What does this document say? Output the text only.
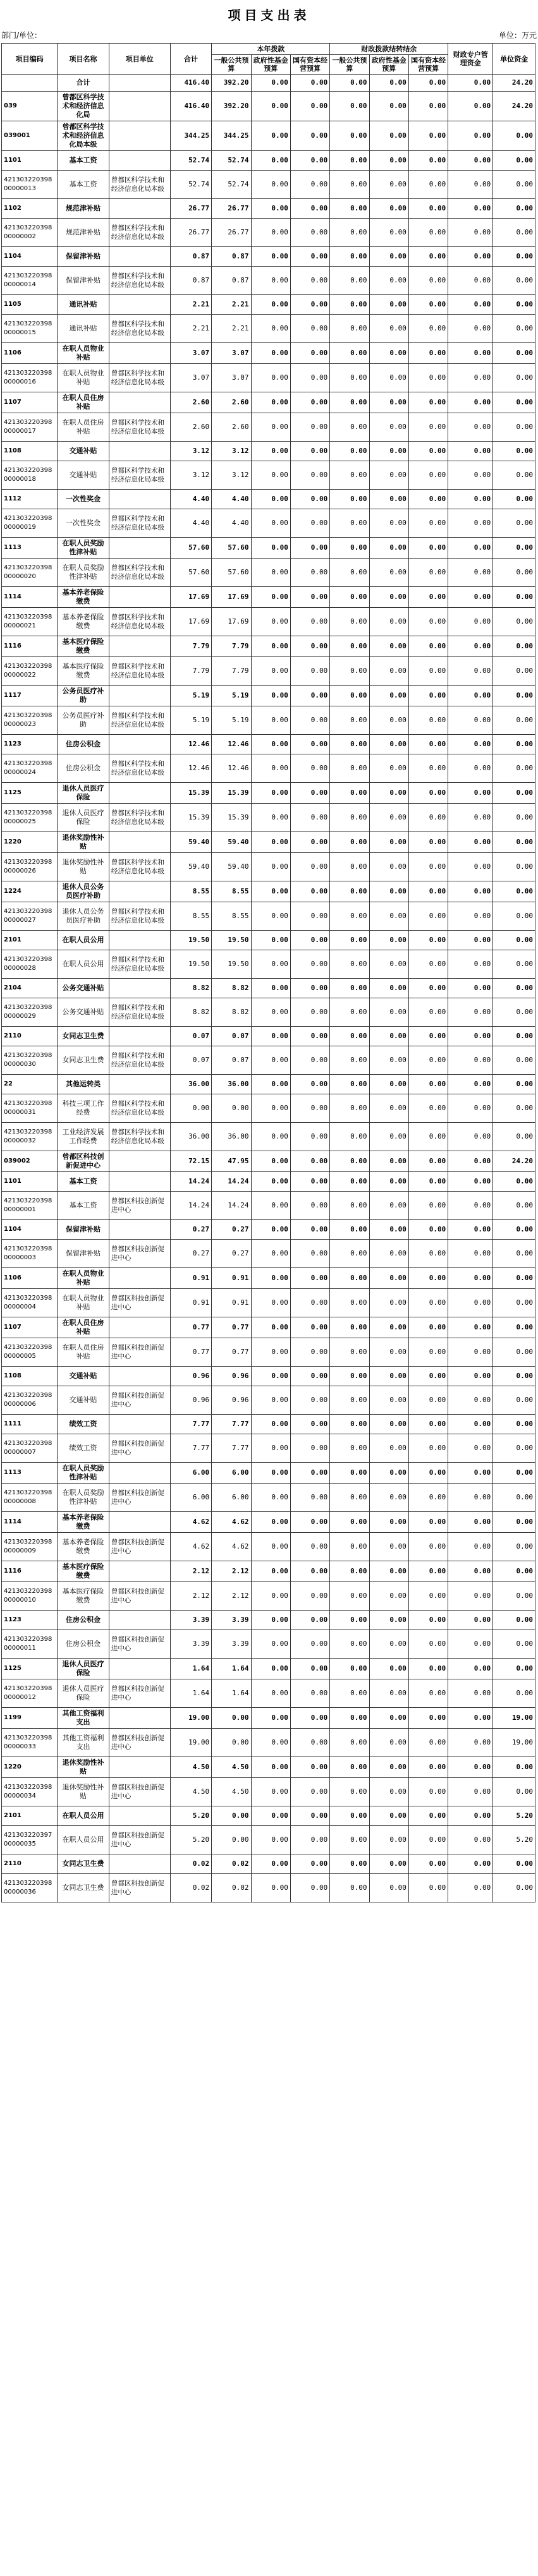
项目支出表
部门/单位：	单位：万元
项目编码	项目名称	项目单位	合计	本年拨款			财政拨款结转结余			财政专户管理资金	单位资金
				一般公共预算	政府性基金预算	国有资本经营预算	一般公共预算	政府性基金预算	国有资本经营预算		
	合计		416.40	392.20	0.00	0.00	0.00	0.00	0.00	0.00	24.20
039	曾都区科学技术和经济信息化局		416.40	392.20	0.00	0.00	0.00	0.00	0.00	0.00	24.20
039001	曾都区科学技术和经济信息化局本级		344.25	344.25	0.00	0.00	0.00	0.00	0.00	0.00	0.00
1101	基本工资		52.74	52.74	0.00	0.00	0.00	0.00	0.00	0.00	0.00
42130322039800000013	基本工资	曾都区科学技术和经济信息化局本级	52.74	52.74	0.00	0.00	0.00	0.00	0.00	0.00	0.00
1102	规范津补贴		26.77	26.77	0.00	0.00	0.00	0.00	0.00	0.00	0.00
42130322039800000002	规范津补贴	曾都区科学技术和经济信息化局本级	26.77	26.77	0.00	0.00	0.00	0.00	0.00	0.00	0.00
1104	保留津补贴		0.87	0.87	0.00	0.00	0.00	0.00	0.00	0.00	0.00
42130322039800000014	保留津补贴	曾都区科学技术和经济信息化局本级	0.87	0.87	0.00	0.00	0.00	0.00	0.00	0.00	0.00
1105	通讯补贴		2.21	2.21	0.00	0.00	0.00	0.00	0.00	0.00	0.00
42130322039800000015	通讯补贴	曾都区科学技术和经济信息化局本级	2.21	2.21	0.00	0.00	0.00	0.00	0.00	0.00	0.00
1106	在职人员物业补贴		3.07	3.07	0.00	0.00	0.00	0.00	0.00	0.00	0.00
42130322039800000016	在职人员物业补贴	曾都区科学技术和经济信息化局本级	3.07	3.07	0.00	0.00	0.00	0.00	0.00	0.00	0.00
1107	在职人员住房补贴		2.60	2.60	0.00	0.00	0.00	0.00	0.00	0.00	0.00
42130322039800000017	在职人员住房补贴	曾都区科学技术和经济信息化局本级	2.60	2.60	0.00	0.00	0.00	0.00	0.00	0.00	0.00
1108	交通补贴		3.12	3.12	0.00	0.00	0.00	0.00	0.00	0.00	0.00
42130322039800000018	交通补贴	曾都区科学技术和经济信息化局本级	3.12	3.12	0.00	0.00	0.00	0.00	0.00	0.00	0.00
1112	一次性奖金		4.40	4.40	0.00	0.00	0.00	0.00	0.00	0.00	0.00
42130322039800000019	一次性奖金	曾都区科学技术和经济信息化局本级	4.40	4.40	0.00	0.00	0.00	0.00	0.00	0.00	0.00
1113	在职人员奖励性津补贴		57.60	57.60	0.00	0.00	0.00	0.00	0.00	0.00	0.00
42130322039800000020	在职人员奖励性津补贴	曾都区科学技术和经济信息化局本级	57.60	57.60	0.00	0.00	0.00	0.00	0.00	0.00	0.00
1114	基本养老保险缴费		17.69	17.69	0.00	0.00	0.00	0.00	0.00	0.00	0.00
42130322039800000021	基本养老保险缴费	曾都区科学技术和经济信息化局本级	17.69	17.69	0.00	0.00	0.00	0.00	0.00	0.00	0.00
1116	基本医疗保险缴费		7.79	7.79	0.00	0.00	0.00	0.00	0.00	0.00	0.00
42130322039800000022	基本医疗保险缴费	曾都区科学技术和经济信息化局本级	7.79	7.79	0.00	0.00	0.00	0.00	0.00	0.00	0.00
1117	公务员医疗补助		5.19	5.19	0.00	0.00	0.00	0.00	0.00	0.00	0.00
42130322039800000023	公务员医疗补助	曾都区科学技术和经济信息化局本级	5.19	5.19	0.00	0.00	0.00	0.00	0.00	0.00	0.00
1123	住房公积金		12.46	12.46	0.00	0.00	0.00	0.00	0.00	0.00	0.00
42130322039800000024	住房公积金	曾都区科学技术和经济信息化局本级	12.46	12.46	0.00	0.00	0.00	0.00	0.00	0.00	0.00
1125	退休人员医疗保险		15.39	15.39	0.00	0.00	0.00	0.00	0.00	0.00	0.00
42130322039800000025	退休人员医疗保险	曾都区科学技术和经济信息化局本级	15.39	15.39	0.00	0.00	0.00	0.00	0.00	0.00	0.00
1220	退休奖励性补贴		59.40	59.40	0.00	0.00	0.00	0.00	0.00	0.00	0.00
42130322039800000026	退休奖励性补贴	曾都区科学技术和经济信息化局本级	59.40	59.40	0.00	0.00	0.00	0.00	0.00	0.00	0.00
1224	退休人员公务员医疗补助		8.55	8.55	0.00	0.00	0.00	0.00	0.00	0.00	0.00
42130322039800000027	退休人员公务员医疗补助	曾都区科学技术和经济信息化局本级	8.55	8.55	0.00	0.00	0.00	0.00	0.00	0.00	0.00
2101	在职人员公用		19.50	19.50	0.00	0.00	0.00	0.00	0.00	0.00	0.00
42130322039800000028	在职人员公用	曾都区科学技术和经济信息化局本级	19.50	19.50	0.00	0.00	0.00	0.00	0.00	0.00	0.00
2104	公务交通补贴		8.82	8.82	0.00	0.00	0.00	0.00	0.00	0.00	0.00
42130322039800000029	公务交通补贴	曾都区科学技术和经济信息化局本级	8.82	8.82	0.00	0.00	0.00	0.00	0.00	0.00	0.00
2110	女同志卫生费		0.07	0.07	0.00	0.00	0.00	0.00	0.00	0.00	0.00
42130322039800000030	女同志卫生费	曾都区科学技术和经济信息化局本级	0.07	0.07	0.00	0.00	0.00	0.00	0.00	0.00	0.00
22	其他运转类		36.00	36.00	0.00	0.00	0.00	0.00	0.00	0.00	0.00
42130322039800000031	科技三项工作经费	曾都区科学技术和经济信息化局本级	0.00	0.00	0.00	0.00	0.00	0.00	0.00	0.00	0.00
42130322039800000032	工业经济发展工作经费	曾都区科学技术和经济信息化局本级	36.00	36.00	0.00	0.00	0.00	0.00	0.00	0.00	0.00
039002	曾都区科技创新促进中心		72.15	47.95	0.00	0.00	0.00	0.00	0.00	0.00	24.20
1101	基本工资		14.24	14.24	0.00	0.00	0.00	0.00	0.00	0.00	0.00
42130322039800000001	基本工资	曾都区科技创新促进中心	14.24	14.24	0.00	0.00	0.00	0.00	0.00	0.00	0.00
1104	保留津补贴		0.27	0.27	0.00	0.00	0.00	0.00	0.00	0.00	0.00
42130322039800000003	保留津补贴	曾都区科技创新促进中心	0.27	0.27	0.00	0.00	0.00	0.00	0.00	0.00	0.00
1106	在职人员物业补贴		0.91	0.91	0.00	0.00	0.00	0.00	0.00	0.00	0.00
42130322039800000004	在职人员物业补贴	曾都区科技创新促进中心	0.91	0.91	0.00	0.00	0.00	0.00	0.00	0.00	0.00
1107	在职人员住房补贴		0.77	0.77	0.00	0.00	0.00	0.00	0.00	0.00	0.00
42130322039800000005	在职人员住房补贴	曾都区科技创新促进中心	0.77	0.77	0.00	0.00	0.00	0.00	0.00	0.00	0.00
1108	交通补贴		0.96	0.96	0.00	0.00	0.00	0.00	0.00	0.00	0.00
42130322039800000006	交通补贴	曾都区科技创新促进中心	0.96	0.96	0.00	0.00	0.00	0.00	0.00	0.00	0.00
1111	绩效工资		7.77	7.77	0.00	0.00	0.00	0.00	0.00	0.00	0.00
42130322039800000007	绩效工资	曾都区科技创新促进中心	7.77	7.77	0.00	0.00	0.00	0.00	0.00	0.00	0.00
1113	在职人员奖励性津补贴		6.00	6.00	0.00	0.00	0.00	0.00	0.00	0.00	0.00
42130322039800000008	在职人员奖励性津补贴	曾都区科技创新促进中心	6.00	6.00	0.00	0.00	0.00	0.00	0.00	0.00	0.00
1114	基本养老保险缴费		4.62	4.62	0.00	0.00	0.00	0.00	0.00	0.00	0.00
42130322039800000009	基本养老保险缴费	曾都区科技创新促进中心	4.62	4.62	0.00	0.00	0.00	0.00	0.00	0.00	0.00
1116	基本医疗保险缴费		2.12	2.12	0.00	0.00	0.00	0.00	0.00	0.00	0.00
42130322039800000010	基本医疗保险缴费	曾都区科技创新促进中心	2.12	2.12	0.00	0.00	0.00	0.00	0.00	0.00	0.00
1123	住房公积金		3.39	3.39	0.00	0.00	0.00	0.00	0.00	0.00	0.00
42130322039800000011	住房公积金	曾都区科技创新促进中心	3.39	3.39	0.00	0.00	0.00	0.00	0.00	0.00	0.00
1125	退休人员医疗保险		1.64	1.64	0.00	0.00	0.00	0.00	0.00	0.00	0.00
42130322039800000012	退休人员医疗保险	曾都区科技创新促进中心	1.64	1.64	0.00	0.00	0.00	0.00	0.00	0.00	0.00
1199	其他工资福利支出		19.00	0.00	0.00	0.00	0.00	0.00	0.00	0.00	19.00
42130322039800000033	其他工资福利支出	曾都区科技创新促进中心	19.00	0.00	0.00	0.00	0.00	0.00	0.00	0.00	19.00
1220	退休奖励性补贴		4.50	4.50	0.00	0.00	0.00	0.00	0.00	0.00	0.00
42130322039800000034	退休奖励性补贴	曾都区科技创新促进中心	4.50	4.50	0.00	0.00	0.00	0.00	0.00	0.00	0.00
2101	在职人员公用		5.20	0.00	0.00	0.00	0.00	0.00	0.00	0.00	5.20
42130322039700000035	在职人员公用	曾都区科技创新促进中心	5.20	0.00	0.00	0.00	0.00	0.00	0.00	0.00	5.20
2110	女同志卫生费		0.02	0.02	0.00	0.00	0.00	0.00	0.00	0.00	0.00
42130322039800000036	女同志卫生费	曾都区科技创新促进中心	0.02	0.02	0.00	0.00	0.00	0.00	0.00	0.00	0.00
